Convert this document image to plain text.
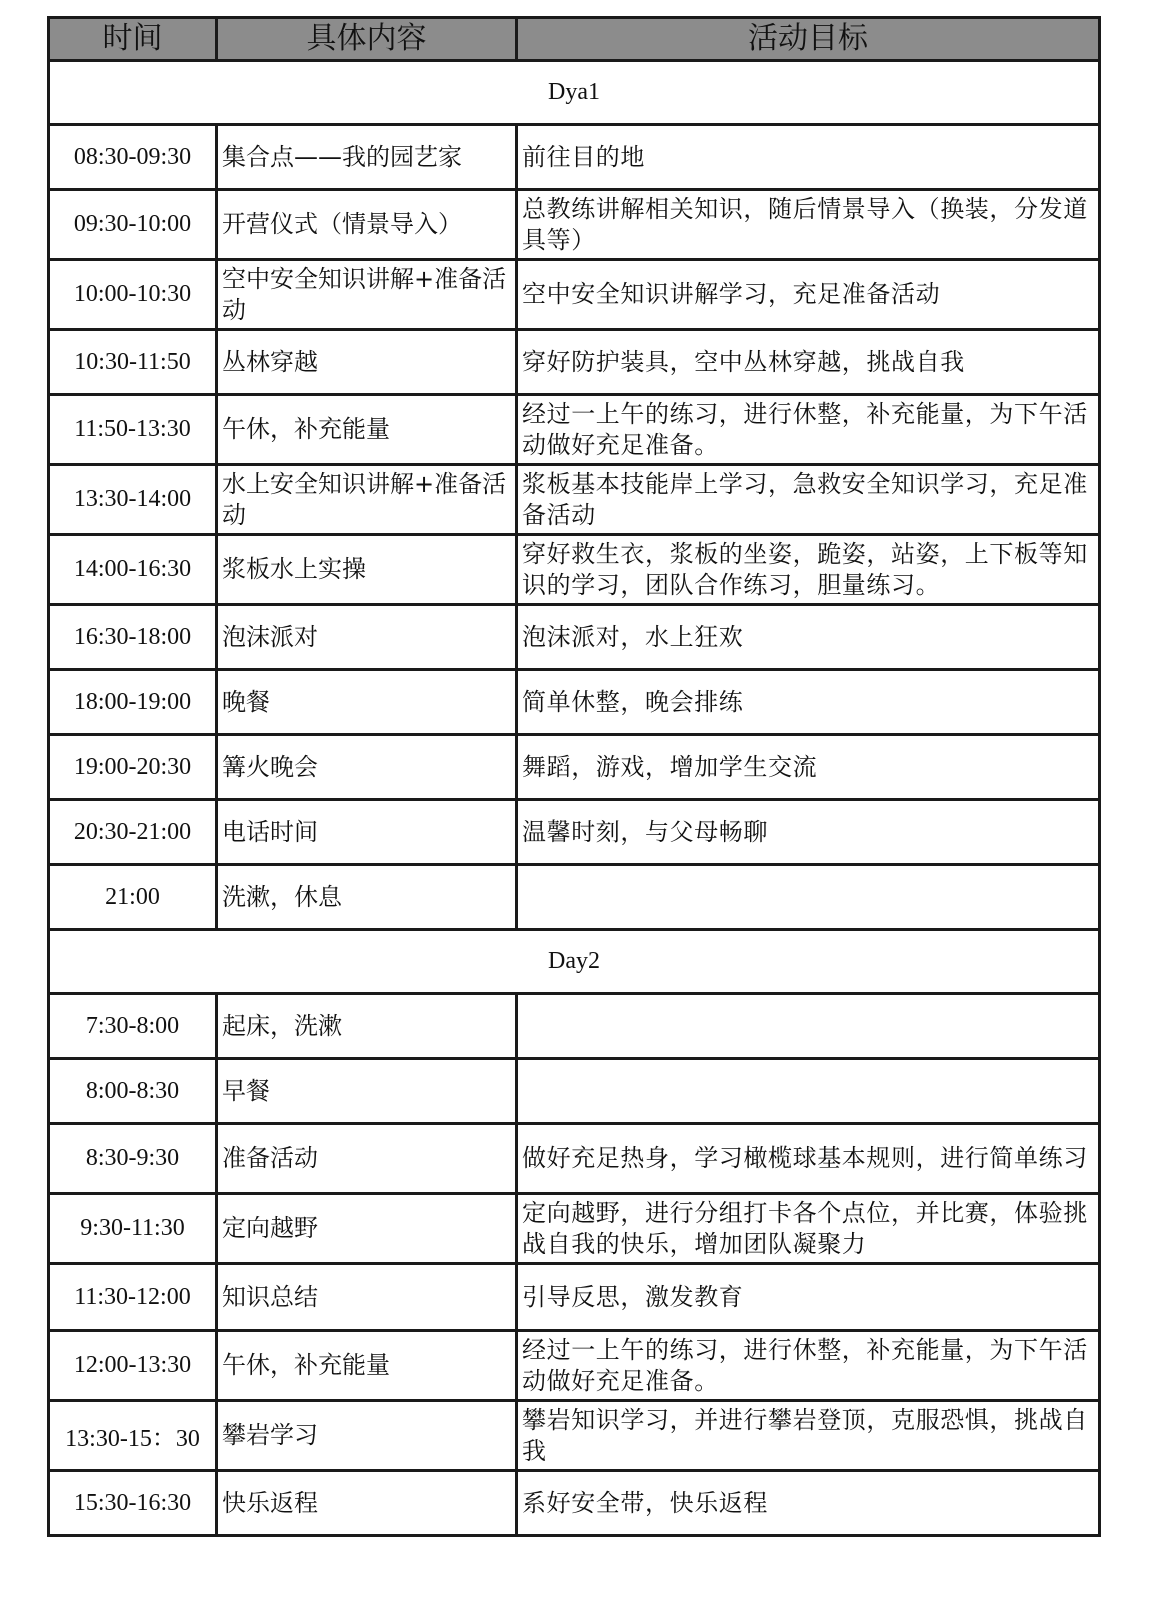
时间	具体内容	活动目标
Dya1		
08:30-09:30	集合点——我的园艺家	前往目的地
09:30-10:00	开营仪式（情景导入）	总教练讲解相关知识，随后情景导入（换装，分发道具等）
10:00-10:30	空中安全知识讲解+准备活动	空中安全知识讲解学习，充足准备活动
10:30-11:50	丛林穿越	穿好防护装具，空中丛林穿越，挑战自我
11:50-13:30	午休，补充能量	经过一上午的练习，进行休整，补充能量，为下午活动做好充足准备。
13:30-14:00	水上安全知识讲解+准备活动	浆板基本技能岸上学习，急救安全知识学习，充足准备活动
14:00-16:30	浆板水上实操	穿好救生衣，浆板的坐姿，跪姿，站姿，上下板等知识的学习，团队合作练习，胆量练习。
16:30-18:00	泡沫派对	泡沫派对，水上狂欢
18:00-19:00	晚餐	简单休整，晚会排练
19:00-20:30	篝火晚会	舞蹈，游戏，增加学生交流
20:30-21:00	电话时间	温馨时刻，与父母畅聊
21:00	洗漱，休息	
Day2		
7:30-8:00	起床，洗漱	
8:00-8:30	早餐	
8:30-9:30	准备活动	做好充足热身，学习橄榄球基本规则，进行简单练习
9:30-11:30	定向越野	定向越野，进行分组打卡各个点位，并比赛，体验挑战自我的快乐，增加团队凝聚力
11:30-12:00	知识总结	引导反思，激发教育
12:00-13:30	午休，补充能量	经过一上午的练习，进行休整，补充能量，为下午活动做好充足准备。
13:30-15：30	攀岩学习	攀岩知识学习，并进行攀岩登顶，克服恐惧，挑战自我
15:30-16:30	快乐返程	系好安全带，快乐返程
